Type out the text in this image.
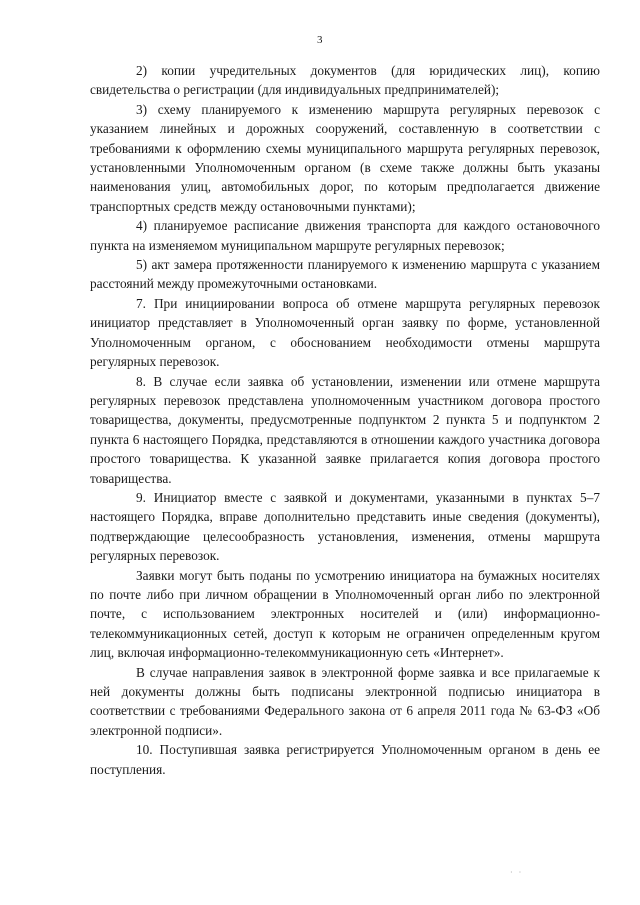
3

2) копии учредительных документов (для юридических лиц), копию свидетельства о регистрации (для индивидуальных предпринимателей);

3) схему планируемого к изменению маршрута регулярных перевозок с указанием линейных и дорожных сооружений, составленную в соответствии с требованиями к оформлению схемы муниципального маршрута регулярных перевозок, установленными Уполномоченным органом (в схеме также должны быть указаны наименования улиц, автомобильных дорог, по которым предполагается движение транспортных средств между остановочными пунктами);

4) планируемое расписание движения транспорта для каждого остановочного пункта на изменяемом муниципальном маршруте регулярных перевозок;

5) акт замера протяженности планируемого к изменению маршрута с указанием расстояний между промежуточными остановками.

7. При инициировании вопроса об отмене маршрута регулярных перевозок инициатор представляет в Уполномоченный орган заявку по форме, установленной Уполномоченным органом, с обоснованием необходимости отмены маршрута регулярных перевозок.

8. В случае если заявка об установлении, изменении или отмене маршрута регулярных перевозок представлена уполномоченным участником договора простого товарищества, документы, предусмотренные подпунктом 2 пункта 5 и подпунктом 2 пункта 6 настоящего Порядка, представляются в отношении каждого участника договора простого товарищества. К указанной заявке прилагается копия договора простого товарищества.

9. Инициатор вместе с заявкой и документами, указанными в пунктах 5–7 настоящего Порядка, вправе дополнительно представить иные сведения (документы), подтверждающие целесообразность установления, изменения, отмены маршрута регулярных перевозок.

Заявки могут быть поданы по усмотрению инициатора на бумажных носителях по почте либо при личном обращении в Уполномоченный орган либо по электронной почте, с использованием электронных носителей и (или) информационно-телекоммуникационных сетей, доступ к которым не ограничен определенным кругом лиц, включая информационно-телекоммуникационную сеть «Интернет».

В случае направления заявок в электронной форме заявка и все прилагаемые к ней документы должны быть подписаны электронной подписью инициатора в соответствии с требованиями Федерального закона от 6 апреля 2011 года № 63-ФЗ «Об электронной подписи».

10. Поступившая заявка регистрируется Уполномоченным органом в день ее поступления.

· ·
